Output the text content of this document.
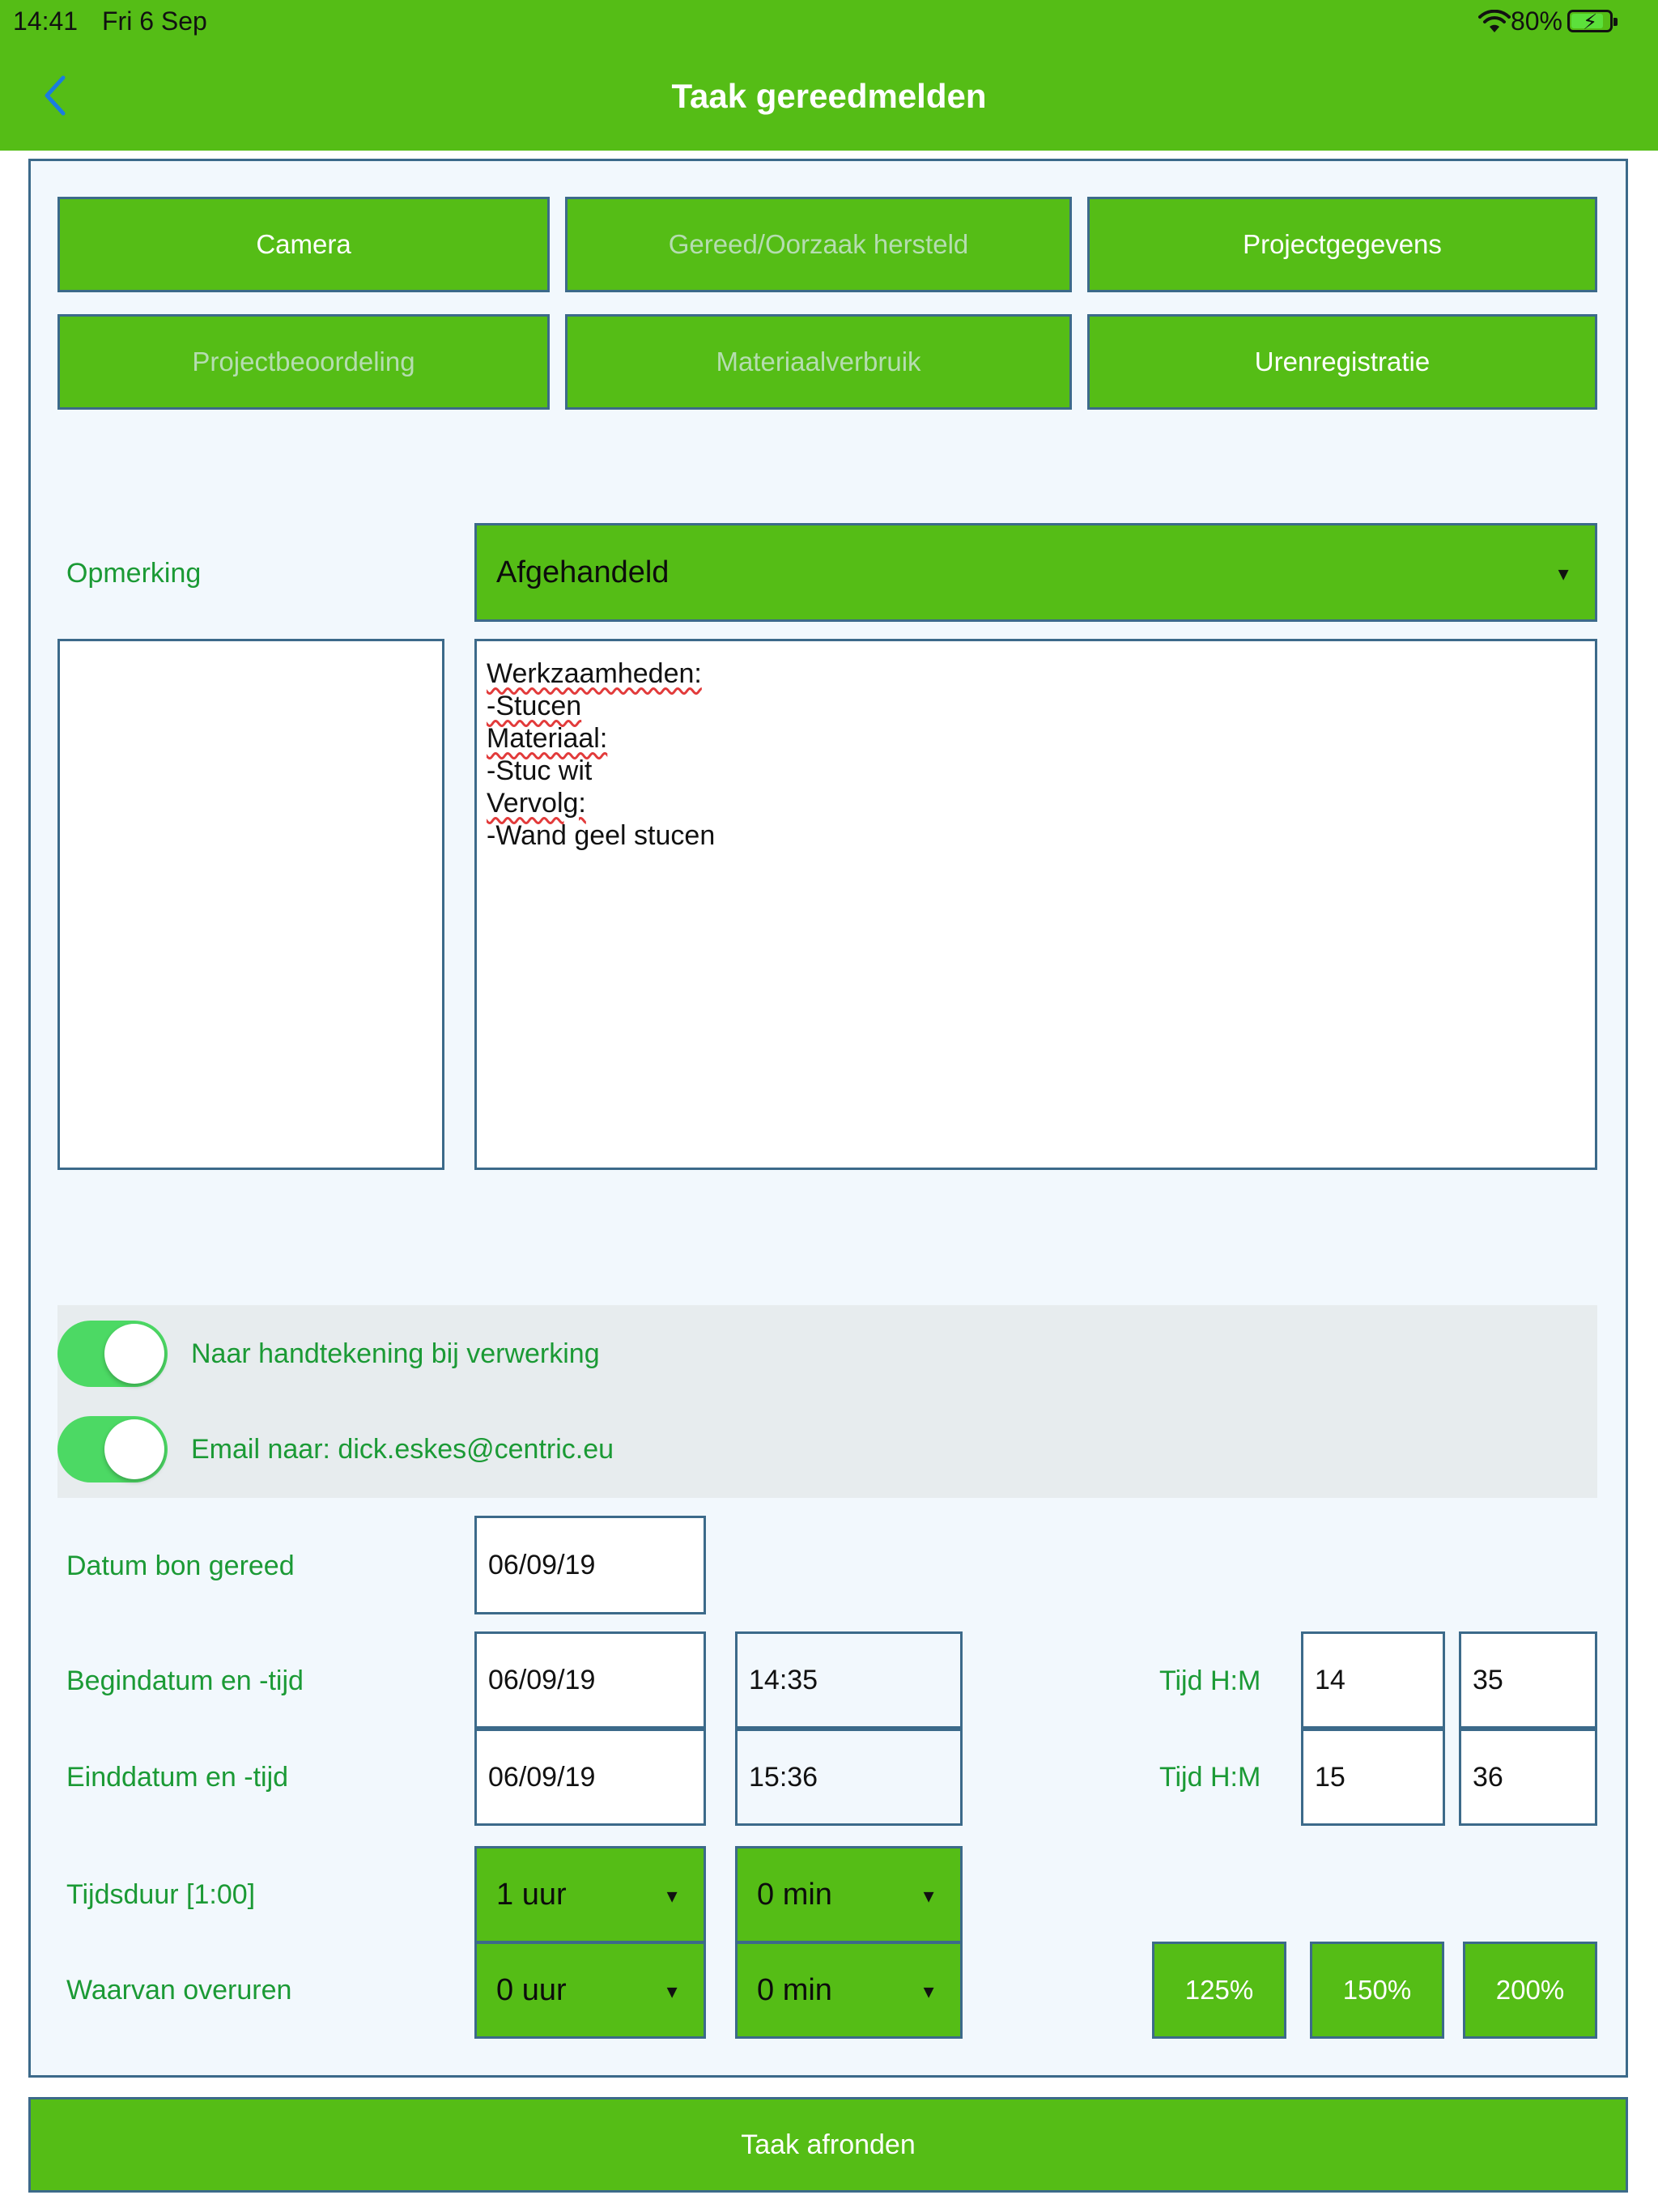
14:41 Fri 6 Sep	80% ⚡
Taak gereedmelden
Camera	Gereed/Oorzaak hersteld	Projectgegevens
Projectbeoordeling	Materiaalverbruik	Urenregistratie
Opmerking	Afgehandeld	▼
Werkzaamheden:
-Stucen
Materiaal:
-Stuc wit
Vervolg:
-Wand geel stucen
Naar handtekening bij verwerking
Email naar: dick.eskes@centric.eu
Datum bon gereed	06/09/19
Begindatum en -tijd	06/09/19	14:35	Tijd H:M	14	35
Einddatum en -tijd	06/09/19	15:36	Tijd H:M	15	36
Tijdsduur [1:00]	1 uur	▼ 0 min	▼
Waarvan overuren	0 uur	▼ 0 min	▼	125%	150%	200%
Taak afronden
